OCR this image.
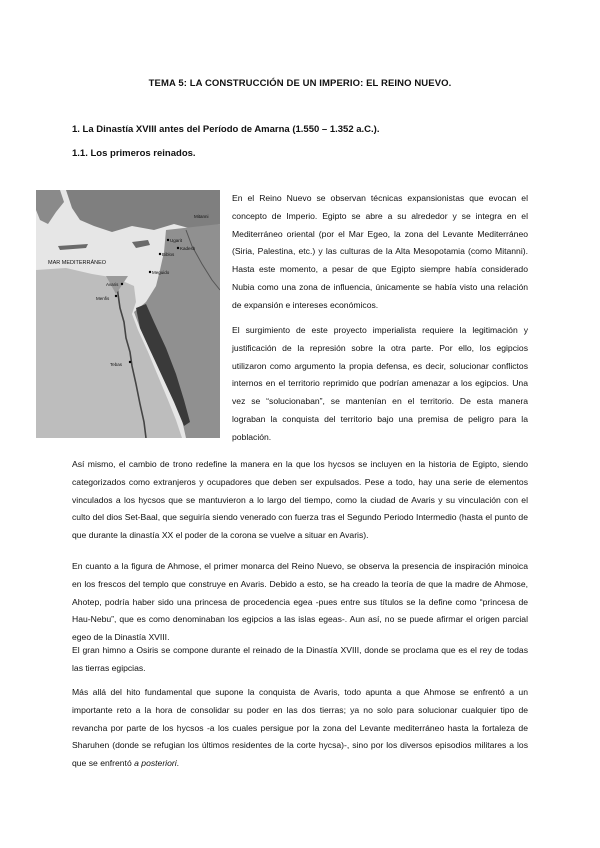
TEMA 5: LA CONSTRUCCIÓN DE UN IMPERIO: EL REINO NUEVO.
1. La Dinastía XVIII antes del Período de Amarna (1.550 – 1.352 a.C.).
1.1. Los primeros reinados.
MAR MEDITERRÁNEO
Ugarit
Biblos
Meguido
Menfis
Tebas
Kadesh
Avaris
Mitanni

En el Reino Nuevo se observan técnicas expansionistas que evocan el concepto de Imperio. Egipto se abre a su alrededor y se integra en el Mediterráneo oriental (por el Mar Egeo, la zona del Levante Mediterráneo (Siria, Palestina, etc.) y las culturas de la Alta Mesopotamia (como Mitanni). Hasta este momento, a pesar de que Egipto siempre había considerado Nubia como una zona de influencia, únicamente se había visto una relación de expansión e intereses económicos.

El surgimiento de este proyecto imperialista requiere la legitimación y justificación de la represión sobre la otra parte. Por ello, los egipcios utilizaron como argumento la propia defensa, es decir, solucionar conflictos internos en el territorio reprimido que podrían amenazar a los egipcios. Una vez se “solucionaban”, se mantenían en el territorio. De esta manera lograban la conquista del territorio bajo una premisa de peligro para la población.

Así mismo, el cambio de trono redefine la manera en la que los hycsos se incluyen en la historia de Egipto, siendo categorizados como extranjeros y ocupadores que deben ser expulsados. Pese a todo, hay una serie de elementos vinculados a los hycsos que se mantuvieron a lo largo del tiempo, como la ciudad de Avaris y su vinculación con el culto del dios Set-Baal, que seguiría siendo venerado con fuerza tras el Segundo Periodo Intermedio (hasta el punto de que durante la dinastía XX el poder de la corona se vuelve a situar en Avaris).

En cuanto a la figura de Ahmose, el primer monarca del Reino Nuevo, se observa la presencia de inspiración minoica en los frescos del templo que construye en Avaris. Debido a esto, se ha creado la teoría de que la madre de Ahmose, Ahotep, podría haber sido una princesa de procedencia egea -pues entre sus títulos se la define como “princesa de Hau-Nebu”, que es como denominaban los egipcios a las islas egeas-. Aun así, no se puede afirmar el origen parcial egeo de la Dinastía XVIII.

El gran himno a Osiris se compone durante el reinado de la Dinastía XVIII, donde se proclama que es el rey de todas las tierras egipcias.

Más allá del hito fundamental que supone la conquista de Avaris, todo apunta a que Ahmose se enfrentó a un importante reto a la hora de consolidar su poder en las dos tierras; ya no solo para solucionar cualquier tipo de revancha por parte de los hycsos -a los cuales persigue por la zona del Levante mediterráneo hasta la fortaleza de Sharuhen (donde se refugian los últimos residentes de la corte hycsa)-, sino por los diversos episodios militares a los que se enfrentó a posteriori.
